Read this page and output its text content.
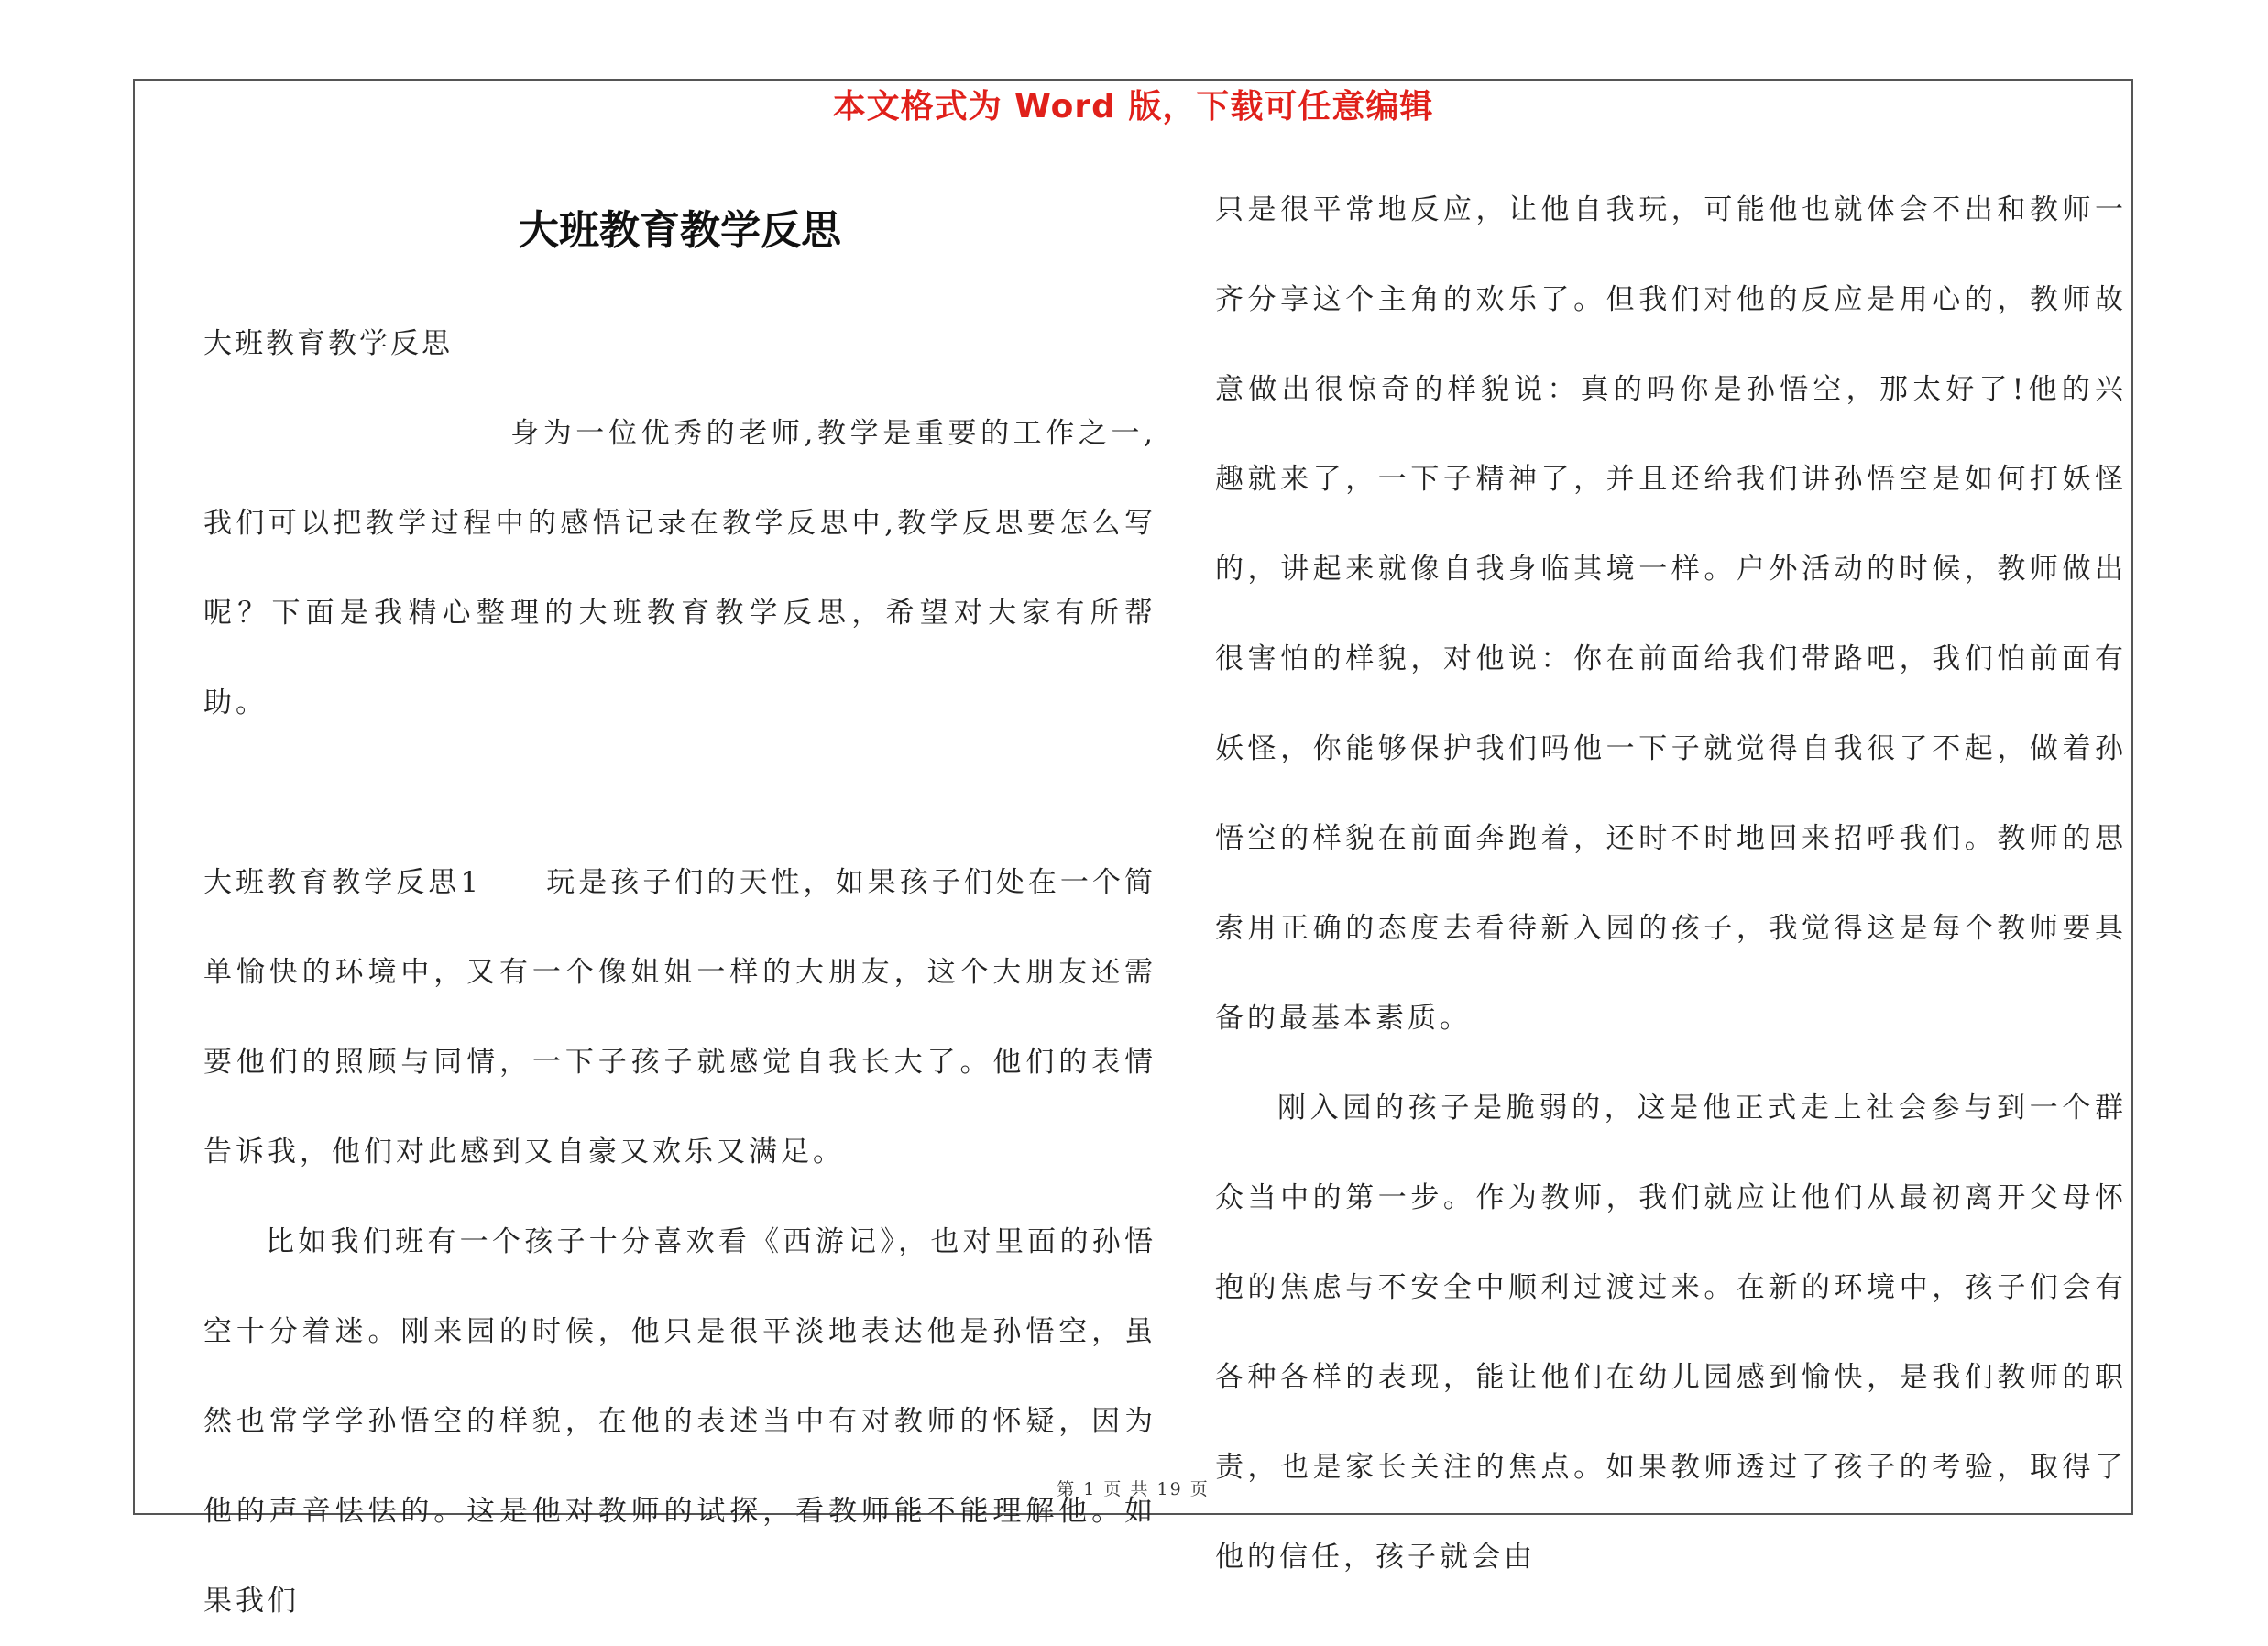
本文格式为 Word 版，下载可任意编辑
大班教育教学反思

大班教育教学反思

身为一位优秀的老师,教学是重要的工作之一,我们可以把教学过程中的感悟记录在教学反思中,教学反思要怎么写呢？下面是我精心整理的大班教育教学反思，希望对大家有所帮助。

大班教育教学反思1　　玩是孩子们的天性，如果孩子们处在一个简单愉快的环境中，又有一个像姐姐一样的大朋友，这个大朋友还需要他们的照顾与同情，一下子孩子就感觉自我长大了。他们的表情告诉我，他们对此感到又自豪又欢乐又满足。

比如我们班有一个孩子十分喜欢看《西游记》，也对里面的孙悟空十分着迷。刚来园的时候，他只是很平淡地表达他是孙悟空，虽然也常学学孙悟空的样貌，在他的表述当中有对教师的怀疑，因为他的声音怯怯的。这是他对教师的试探，看教师能不能理解他。如果我们

只是很平常地反应，让他自我玩，可能他也就体会不出和教师一齐分享这个主角的欢乐了。但我们对他的反应是用心的，教师故意做出很惊奇的样貌说：真的吗你是孙悟空，那太好了!他的兴趣就来了，一下子精神了，并且还给我们讲孙悟空是如何打妖怪的，讲起来就像自我身临其境一样。户外活动的时候，教师做出很害怕的样貌，对他说：你在前面给我们带路吧，我们怕前面有妖怪，你能够保护我们吗他一下子就觉得自我很了不起，做着孙悟空的样貌在前面奔跑着，还时不时地回来招呼我们。教师的思索用正确的态度去看待新入园的孩子，我觉得这是每个教师要具备的最基本素质。

刚入园的孩子是脆弱的，这是他正式走上社会参与到一个群众当中的第一步。作为教师，我们就应让他们从最初离开父母怀抱的焦虑与不安全中顺利过渡过来。在新的环境中，孩子们会有各种各样的表现，能让他们在幼儿园感到愉快，是我们教师的职责，也是家长关注的焦点。如果教师透过了孩子的考验，取得了他的信任，孩子就会由

第 1 页 共 19 页
